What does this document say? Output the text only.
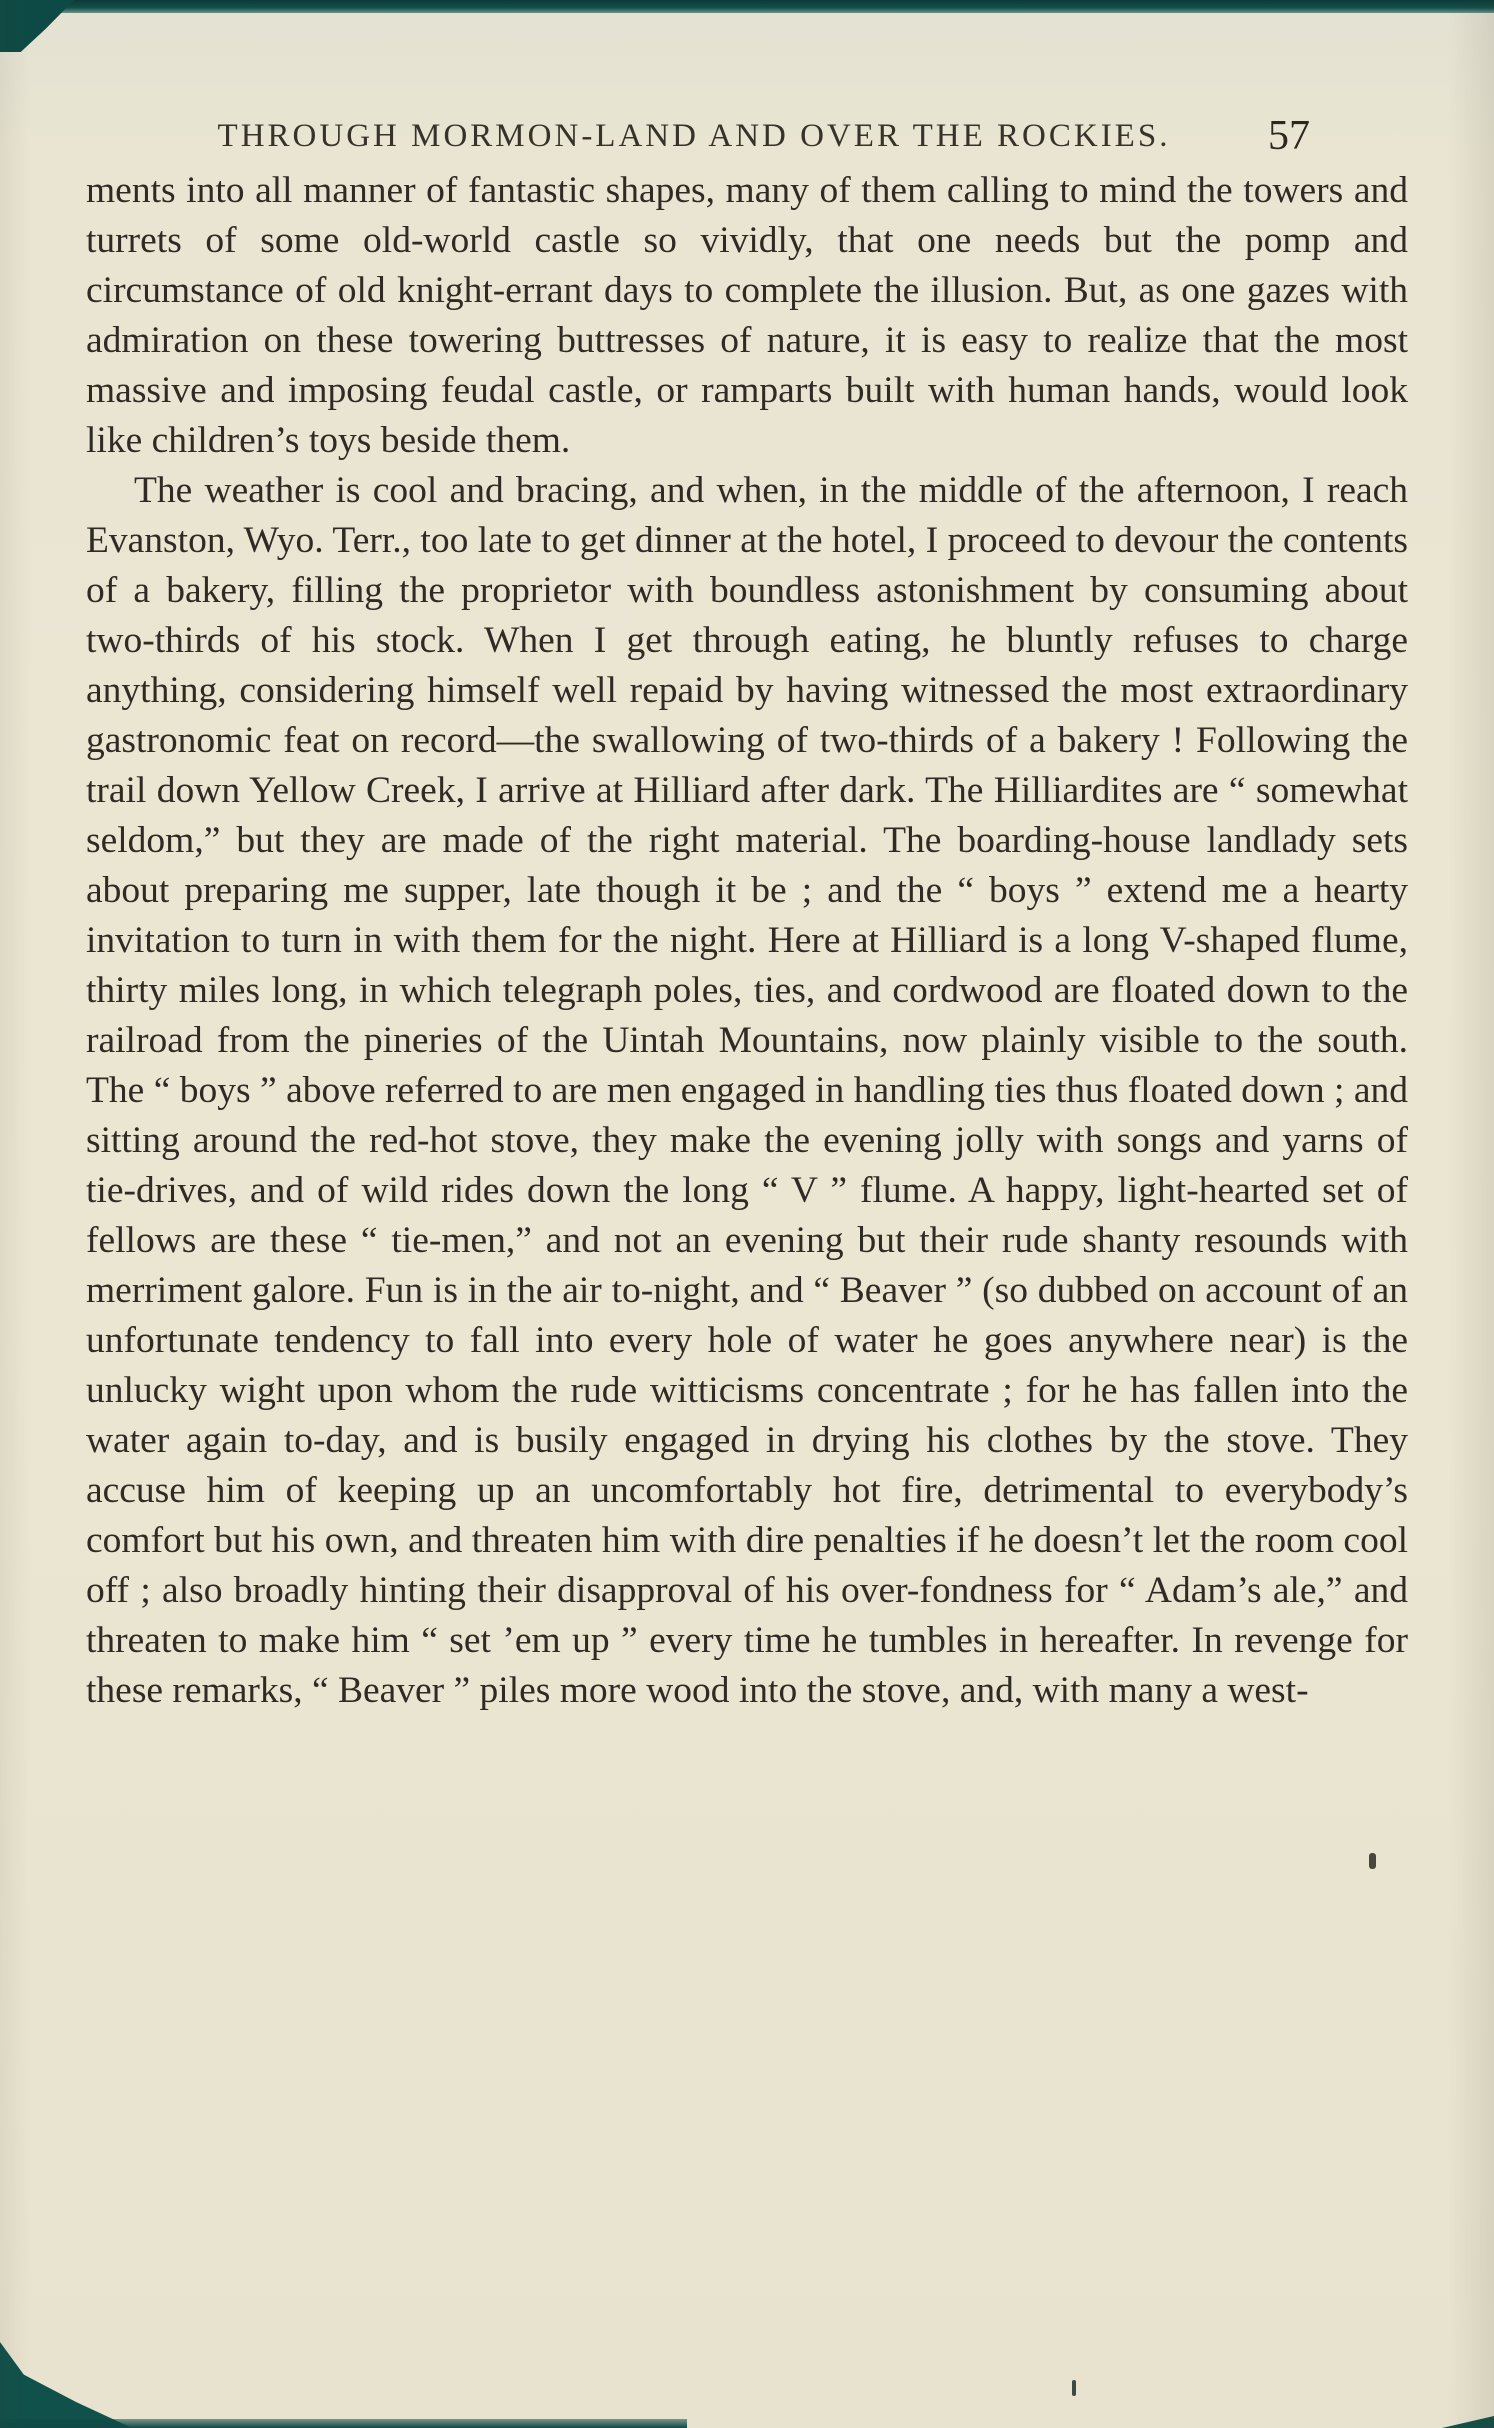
THROUGH MORMON-LAND AND OVER THE ROCKIES.	57

ments into all manner of fantastic shapes, many of them calling to mind the towers and turrets of some old-world castle so vividly, that one needs but the pomp and circumstance of old knight-errant days to complete the illusion. But, as one gazes with admiration on these towering buttresses of nature, it is easy to realize that the most massive and imposing feudal castle, or ramparts built with human hands, would look like children’s toys beside them.

The weather is cool and bracing, and when, in the middle of the afternoon, I reach Evanston, Wyo. Terr., too late to get dinner at the hotel, I proceed to devour the contents of a bakery, filling the proprietor with boundless astonishment by consuming about two-thirds of his stock. When I get through eating, he bluntly refuses to charge anything, considering himself well repaid by having witnessed the most extraordinary gastronomic feat on record—the swallowing of two-thirds of a bakery ! Following the trail down Yellow Creek, I arrive at Hilliard after dark. The Hilliardites are “ somewhat seldom,” but they are made of the right material. The boarding-house landlady sets about preparing me supper, late though it be ; and the “ boys ” extend me a hearty invitation to turn in with them for the night. Here at Hilliard is a long V-shaped flume, thirty miles long, in which telegraph poles, ties, and cordwood are floated down to the railroad from the pineries of the Uintah Mountains, now plainly visible to the south. The “ boys ” above referred to are men engaged in handling ties thus floated down ; and sitting around the red-hot stove, they make the evening jolly with songs and yarns of tie-drives, and of wild rides down the long “ V ” flume. A happy, light-hearted set of fellows are these “ tie-men,” and not an evening but their rude shanty resounds with merriment galore. Fun is in the air to-night, and “ Beaver ” (so dubbed on account of an unfortunate tendency to fall into every hole of water he goes anywhere near) is the unlucky wight upon whom the rude witticisms concentrate ; for he has fallen into the water again to-day, and is busily engaged in drying his clothes by the stove. They accuse him of keeping up an uncomfortably hot fire, detrimental to everybody’s comfort but his own, and threaten him with dire penalties if he doesn’t let the room cool off ; also broadly hinting their disapproval of his over-fondness for “ Adam’s ale,” and threaten to make him “ set ’em up ” every time he tumbles in hereafter. In revenge for these remarks, “ Beaver ” piles more wood into the stove, and, with many a west-
